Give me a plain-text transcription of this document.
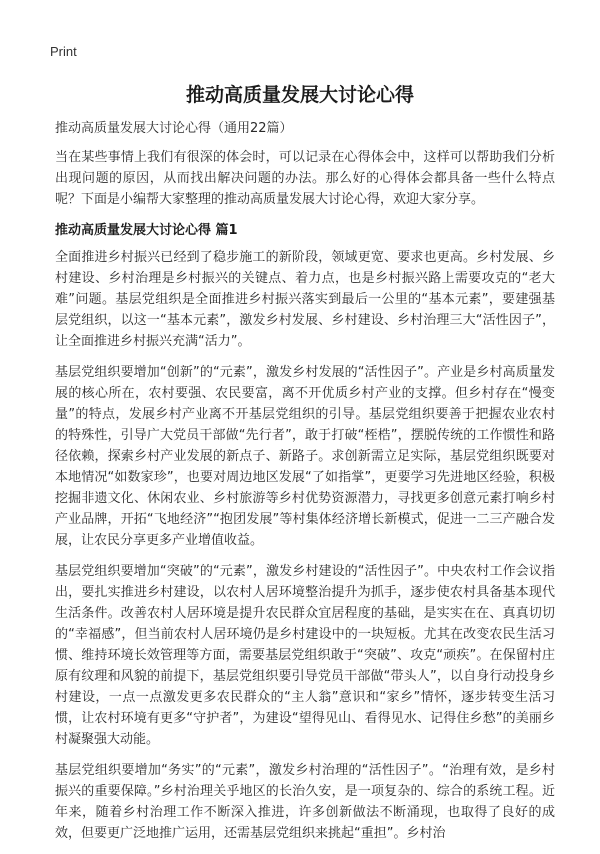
Print
推动高质量发展大讨论心得

推动高质量发展大讨论心得（通用22篇）

当在某些事情上我们有很深的体会时，可以记录在心得体会中，这样可以帮助我们分析出现问题的原因，从而找出解决问题的办法。那么好的心得体会都具备一些什么特点呢？下面是小编帮大家整理的推动高质量发展大讨论心得，欢迎大家分享。

推动高质量发展大讨论心得 篇1

全面推进乡村振兴已经到了稳步施工的新阶段，领域更宽、要求也更高。乡村发展、乡村建设、乡村治理是乡村振兴的关键点、着力点，也是乡村振兴路上需要攻克的“老大难”问题。基层党组织是全面推进乡村振兴落实到最后一公里的“基本元素”，要建强基层党组织，以这一“基本元素”，激发乡村发展、乡村建设、乡村治理三大“活性因子”，让全面推进乡村振兴充满“活力”。

基层党组织要增加“创新”的“元素”，激发乡村发展的“活性因子”。产业是乡村高质量发展的核心所在，农村要强、农民要富，离不开优质乡村产业的支撑。但乡村存在“慢变量”的特点，发展乡村产业离不开基层党组织的引导。基层党组织要善于把握农业农村的特殊性，引导广大党员干部做“先行者”，敢于打破“桎梏”，摆脱传统的工作惯性和路径依赖，探索乡村产业发展的新点子、新路子。求创新需立足实际，基层党组织既要对本地情况“如数家珍”，也要对周边地区发展“了如指掌”，更要学习先进地区经验，积极挖掘非遗文化、休闲农业、乡村旅游等乡村优势资源潜力，寻找更多创意元素打响乡村产业品牌，开拓“飞地经济”“抱团发展”等村集体经济增长新模式，促进一二三产融合发展，让农民分享更多产业增值收益。

基层党组织要增加“突破”的“元素”，激发乡村建设的“活性因子”。中央农村工作会议指出，要扎实推进乡村建设，以农村人居环境整治提升为抓手，逐步使农村具备基本现代生活条件。改善农村人居环境是提升农民群众宜居程度的基础，是实实在在、真真切切的“幸福感”，但当前农村人居环境仍是乡村建设中的一块短板。尤其在改变农民生活习惯、维持环境长效管理等方面，需要基层党组织敢于“突破”、攻克“顽疾”。在保留村庄原有纹理和风貌的前提下，基层党组织要引导党员干部做“带头人”，以自身行动投身乡村建设，一点一点激发更多农民群众的“主人翁”意识和“家乡”情怀，逐步转变生活习惯，让农村环境有更多“守护者”，为建设“望得见山、看得见水、记得住乡愁”的美丽乡村凝聚强大动能。

基层党组织要增加“务实”的“元素”，激发乡村治理的“活性因子”。“治理有效，是乡村振兴的重要保障。”乡村治理关乎地区的长治久安，是一项复杂的、综合的系统工程。近年来，随着乡村治理工作不断深入推进，许多创新做法不断涌现，也取得了良好的成效，但要更广泛地推广运用，还需基层党组织来挑起“重担”。乡村治
